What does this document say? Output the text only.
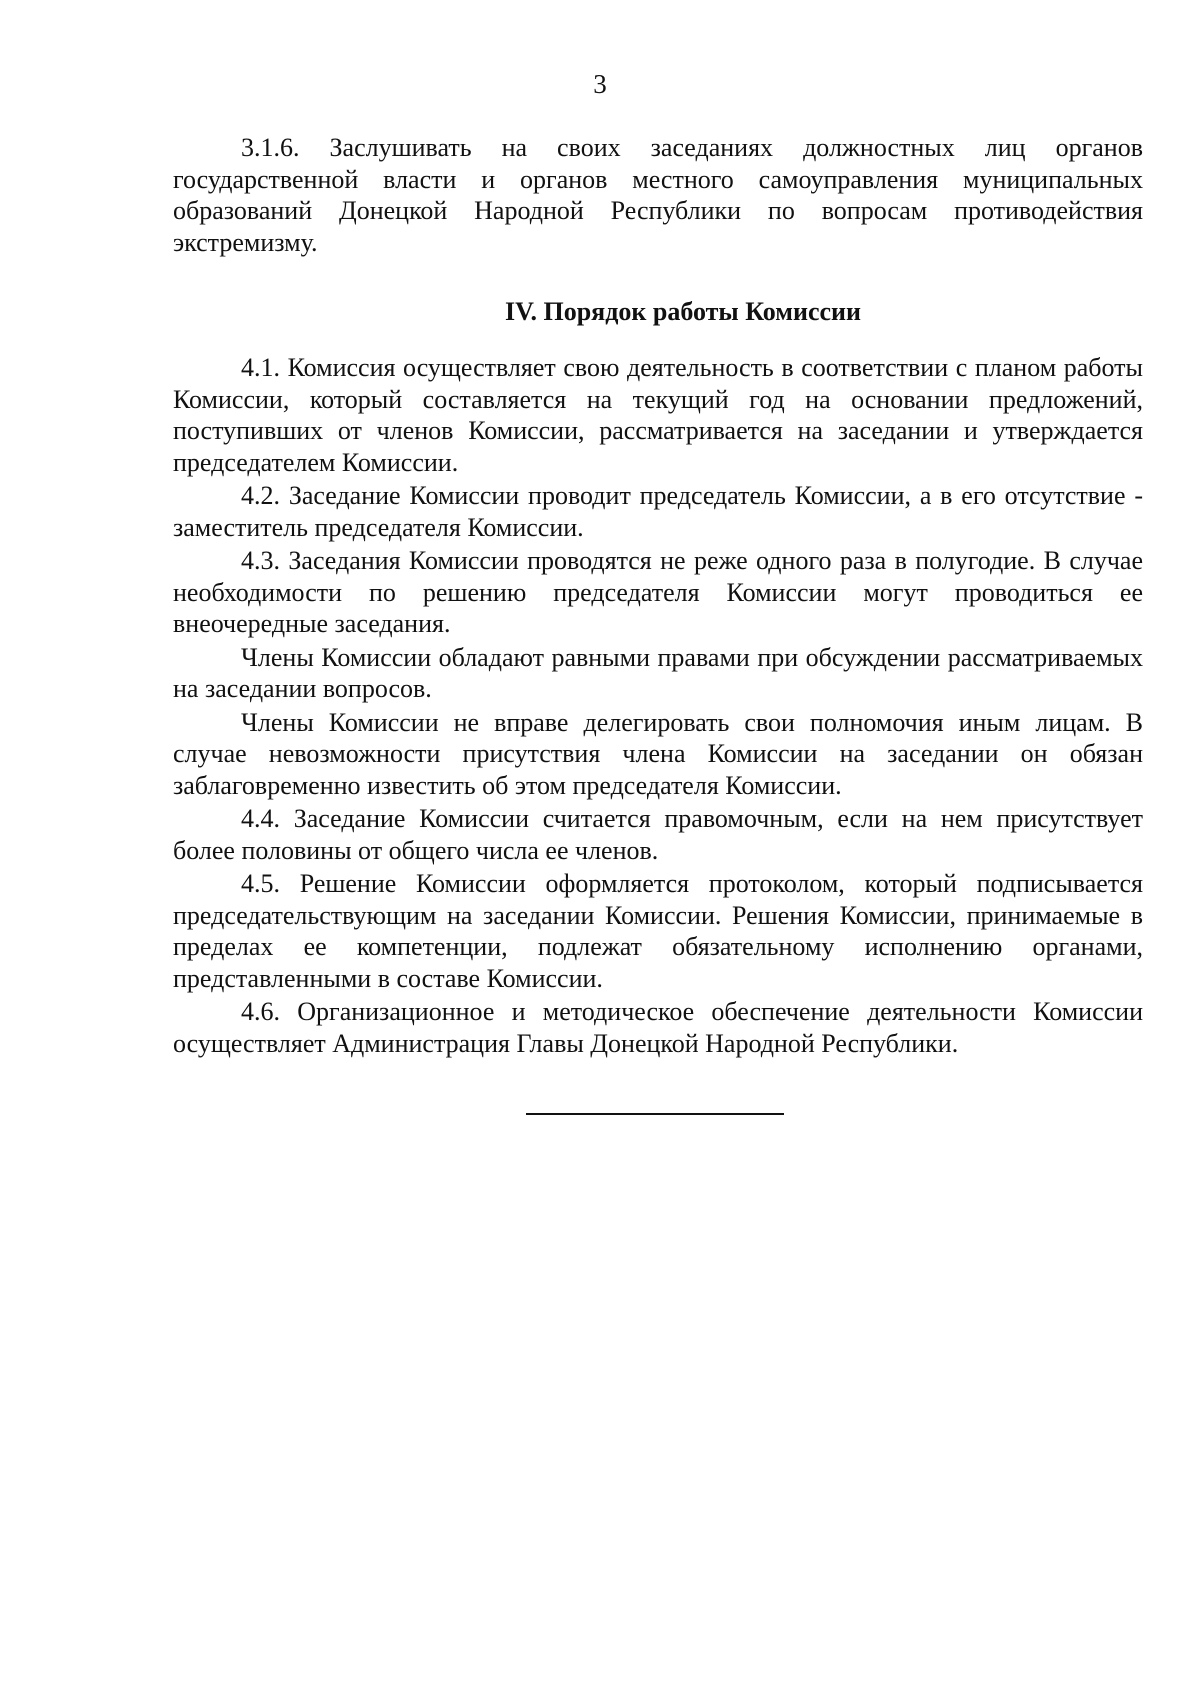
3

3.1.6. Заслушивать на своих заседаниях должностных лиц органов государственной власти и органов местного самоуправления муниципальных образований Донецкой Народной Республики по вопросам противодействия экстремизму.

IV. Порядок работы Комиссии

4.1. Комиссия осуществляет свою деятельность в соответствии с планом работы Комиссии, который составляется на текущий год на основании предложений, поступивших от членов Комиссии, рассматривается на заседании и утверждается председателем Комиссии.

4.2. Заседание Комиссии проводит председатель Комиссии, а в его отсутствие - заместитель председателя Комиссии.

4.3. Заседания Комиссии проводятся не реже одного раза в полугодие. В случае необходимости по решению председателя Комиссии могут проводиться ее внеочередные заседания.

Члены Комиссии обладают равными правами при обсуждении рассматриваемых на заседании вопросов.

Члены Комиссии не вправе делегировать свои полномочия иным лицам. В случае невозможности присутствия члена Комиссии на заседании он обязан заблаговременно известить об этом председателя Комиссии.

4.4. Заседание Комиссии считается правомочным, если на нем присутствует более половины от общего числа ее членов.

4.5. Решение Комиссии оформляется протоколом, который подписывается председательствующим на заседании Комиссии. Решения Комиссии, принимаемые в пределах ее компетенции, подлежат обязательному исполнению органами, представленными в составе Комиссии.

4.6. Организационное и методическое обеспечение деятельности Комиссии осуществляет Администрация Главы Донецкой Народной Республики.
